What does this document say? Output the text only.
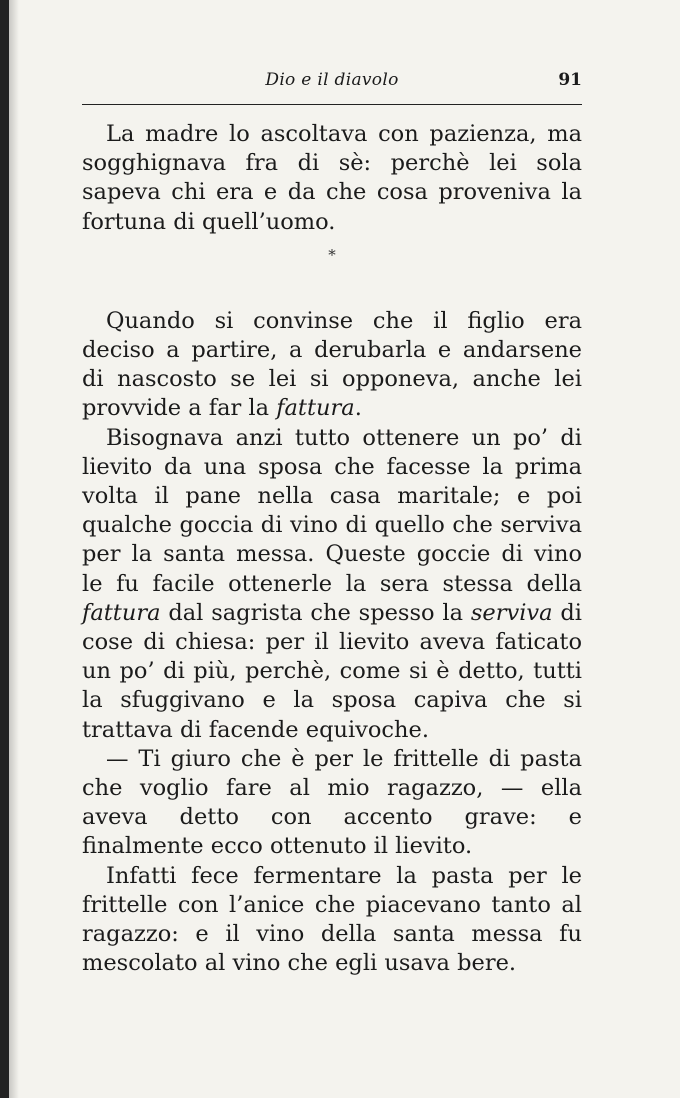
Dio e il diavolo	91

La madre lo ascoltava con pazienza, ma sogghignava fra di sè: perchè lei sola sapeva chi era e da che cosa proveniva la fortuna di quell’uomo.

*

Quando si convinse che il figlio era deciso a partire, a derubarla e andarsene di nascosto se lei si opponeva, anche lei provvide a far la fattura.

Bisognava anzi tutto ottenere un po’ di lievito da una sposa che facesse la prima volta il pane nella casa maritale; e poi qualche goccia di vino di quello che serviva per la santa messa. Queste goccie di vino le fu facile ottenerle la sera stessa della fattura dal sagrista che spesso la serviva di cose di chiesa: per il lievito aveva faticato un po’ di più, perchè, come si è detto, tutti la sfuggivano e la sposa capiva che si trattava di facende equivoche.

— Ti giuro che è per le frittelle di pasta che voglio fare al mio ragazzo, — ella aveva detto con accento grave: e finalmente ecco ottenuto il lievito.

Infatti fece fermentare la pasta per le frittelle con l’anice che piacevano tanto al ragazzo: e il vino della santa messa fu mescolato al vino che egli usava bere.
